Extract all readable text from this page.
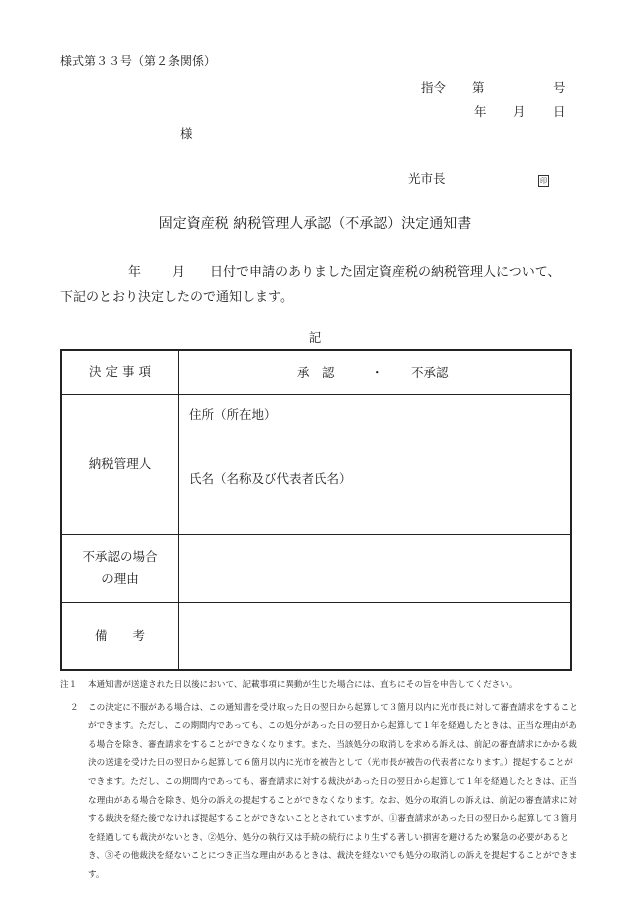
様式第３３号（第２条関係）
指令 第	号
年 月 日
様
光市長	印
固定資産税 納税管理人承認（不承認）決定通知書
年 月 日付で申請のありました固定資産税の納税管理人について、
下記のとおり決定したので通知します。
記
決 定 事 項	承　認 ・ 不承認

納税管理人	住所（所在地）
氏名（名称及び代表者氏名）

不承認の場合
の理由	

備　　考	
注１ 本通知書が送達された日以後において、記載事項に異動が生じた場合には、直ちにその旨を申告してください。
２	この決定に不服がある場合は、この通知書を受け取った日の翌日から起算して３箇月以内に光市長に対して審査請求をすることができます。ただし、この期間内であっても、この処分があった日の翌日から起算して１年を経過したときは、正当な理由がある場合を除き、審査請求をすることができなくなります。また、当該処分の取消しを求める訴えは、前記の審査請求にかかる裁決の送達を受けた日の翌日から起算して６箇月以内に光市を被告として（光市長が被告の代表者になります。）提起することができます。ただし、この期間内であっても、審査請求に対する裁決があった日の翌日から起算して１年を経過したときは、正当な理由がある場合を除き、処分の訴えの提起することができなくなります。なお、処分の取消しの訴えは、前記の審査請求に対する裁決を経た後でなければ提起することができないこととされていますが、①審査請求があった日の翌日から起算して３箇月を経過しても裁決がないとき、②処分、処分の執行又は手続の続行により生ずる著しい損害を避けるため緊急の必要があるとき、③その他裁決を経ないことにつき正当な理由があるときは、裁決を経ないでも処分の取消しの訴えを提起することができます。
